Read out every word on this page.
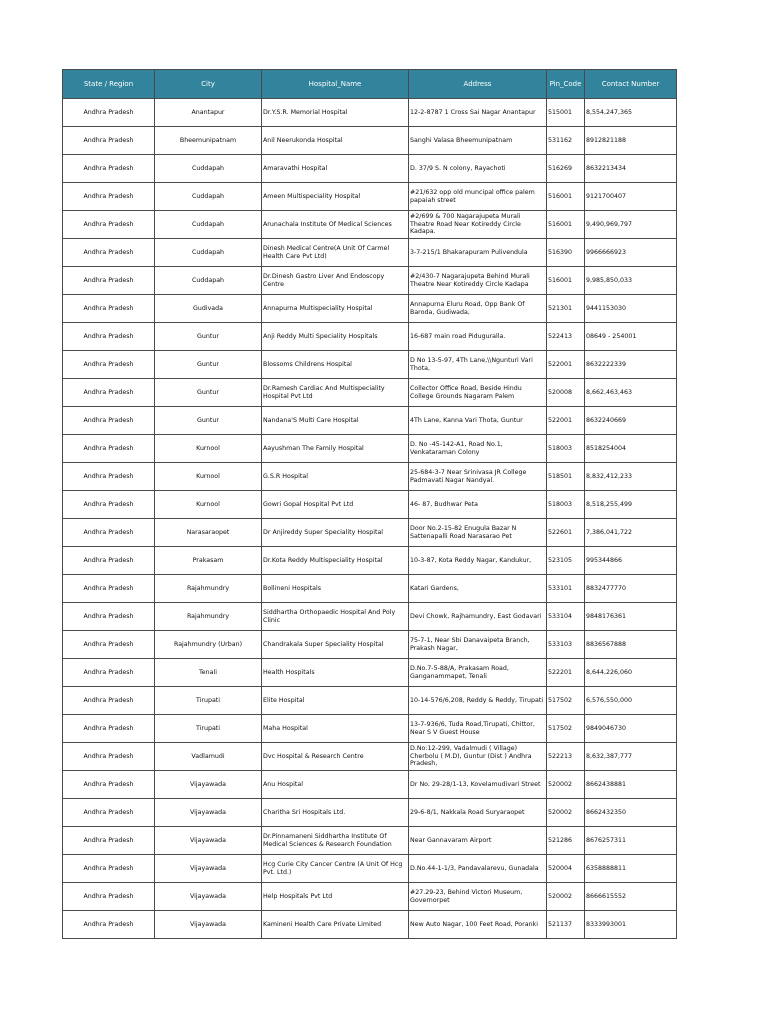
State / Region	City	Hospital_Name	Address	Pin_Code	Contact Number

Andhra Pradesh	Anantapur	Dr.Y.S.R. Memorial Hospital	12-2-8787 1 Cross Sai Nagar Anantapur	515001	8,554,247,365

Andhra Pradesh	Bheemunipatnam	Anil Neerukonda Hospital	Sanghi Valasa Bheemunipatnam	531162	8912821188

Andhra Pradesh	Cuddapah	Amaravathi Hospital	D. 37/9 S. N colony, Rayachoti	516269	8632213434

Andhra Pradesh	Cuddapah	Ameen Multispeciality Hospital	#21/632 opp old muncipal office palem papaiah street	516001	9121700407

Andhra Pradesh	Cuddapah	Arunachala Institute Of Medical Sciences	#2/699 & 700 Nagarajupeta Murali Theatre Road Near Kotireddy Circle Kadapa.	516001	9,490,969,797

Andhra Pradesh	Cuddapah	Dinesh Medical Centre(A Unit Of Carmel Health Care Pvt Ltd)	3-7-215/1 Bhakarapuram Pulivendula	516390	9966666923

Andhra Pradesh	Cuddapah	Dr.Dinesh Gastro Liver And Endoscopy Centre	#2/430-7 Nagarajupeta Behind Murali Theatre Near Kotireddy Circle Kadapa	516001	9,985,850,033

Andhra Pradesh	Gudivada	Annapurna Multispeciality Hospital	Annapurna Eluru Road, Opp Bank Of Baroda, Gudiwada,	521301	9441153030

Andhra Pradesh	Guntur	Anji Reddy Multi Speciality Hospitals	16-687 main road Piduguralla.	522413	08649 - 254001

Andhra Pradesh	Guntur	Blossoms Childrens Hospital	D No 13-5-97, 4Th Lane,\\Ngunturi Vari Thota,	522001	8632222339

Andhra Pradesh	Guntur	Dr.Ramesh Cardiac And Multispeciality Hospital Pvt Ltd	Collector Office Road, Beside Hindu College Grounds Nagaram Palem	520008	8,662,463,463

Andhra Pradesh	Guntur	Nandana'S Multi Care Hospital	4Th Lane, Kanna Vari Thota, Guntur	522001	8632240669

Andhra Pradesh	Kurnool	Aayushman The Family Hospital	D. No -45-142-A1, Road No.1, Venkataraman Colony	518003	8518254004

Andhra Pradesh	Kurnool	G.S.R Hospital	25-684-3-7 Near Srinivasa JR College Padmavati Nagar Nandyal.	518501	8,832,412,233

Andhra Pradesh	Kurnool	Gowri Gopal Hospital Pvt Ltd	46- 87, Budhwar Peta	518003	8,518,255,499

Andhra Pradesh	Narasaraopet	Dr Anjireddy Super Speciality Hospital	Door No.2-15-82 Enugula Bazar N Sattenapalli Road Narasarao Pet	522601	7,386,041,722

Andhra Pradesh	Prakasam	Dr.Kota Reddy Multispeciality Hospital	10-3-87, Kota Reddy Nagar, Kandukur,	523105	995344866

Andhra Pradesh	Rajahmundry	Bollineni Hospitals	Katari Gardens,	533101	8832477770

Andhra Pradesh	Rajahmundry	Siddhartha Orthopaedic Hospital And Poly Clinic	Devi Chowk, Rajhamundry, East Godavari	533104	9848176361

Andhra Pradesh	Rajahmundry (Urban)	Chandrakala Super Speciality Hospital	75-7-1, Near Sbi Danavaipeta Branch, Prakash Nagar,	533103	8836567888

Andhra Pradesh	Tenali	Health Hospitals	D.No.7-5-88/A, Prakasam Road, Ganganammapet, Tenali	522201	8,644,226,060

Andhra Pradesh	Tirupati	Elite Hospital	10-14-576/6,208, Reddy & Reddy, Tirupati	517502	6,576,550,000

Andhra Pradesh	Tirupati	Maha Hospital	13-7-936/6, Tuda Road,Tirupati, Chittor, Near S V Guest House	517502	9849046730

Andhra Pradesh	Vadlamudi	Dvc Hospital & Research Centre	D.No:12-299, Vadalmudi ( Village) Cherbolu ( M.D), Guntur (Dist ) Andhra Pradesh,	522213	8,632,387,777

Andhra Pradesh	Vijayawada	Anu Hospital	Dr No. 29-28/1-13, Kovelamudivari Street	520002	8662438881

Andhra Pradesh	Vijayawada	Charitha Sri Hospitals Ltd.	29-6-8/1, Nakkala Road Suryaraopet	520002	8662432350

Andhra Pradesh	Vijayawada	Dr.Pinnamaneni Siddhartha Institute Of Medical Sciences & Research Foundation	Near Gannavaram Airport	521286	8676257311

Andhra Pradesh	Vijayawada	Hcg Curie City Cancer Centre (A Unit Of Hcg Pvt. Ltd.)	D.No.44-1-1/3, Pandavalarevu, Gunadala	520004	6358888811

Andhra Pradesh	Vijayawada	Help Hospitals Pvt Ltd	#27.29-23, Behind Victori Museum, Governorpet	520002	8666615552

Andhra Pradesh	Vijayawada	Kamineni Health Care Private Limited	New Auto Nagar, 100 Feet Road, Poranki	521137	8333993001
